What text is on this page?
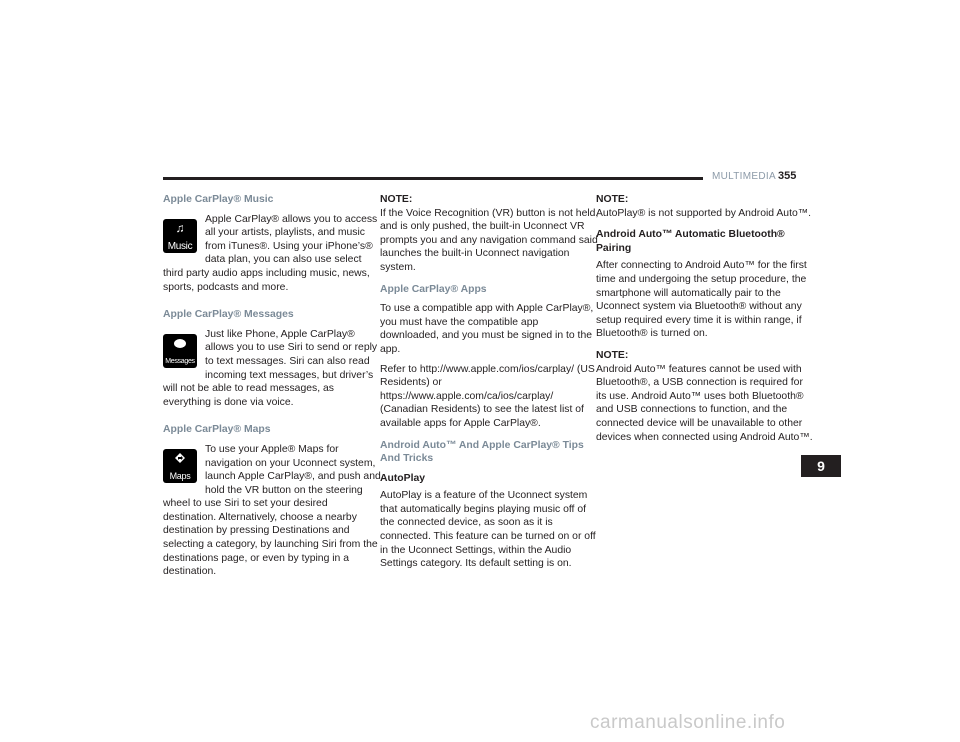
MULTIMEDIA 355
Apple CarPlay® Music
♫
Music

Apple CarPlay® allows you to access all your artists, playlists, and music from iTunes®. Using your iPhone’s® data plan, you can also use select third party audio apps including music, news, sports, podcasts and more.

Apple CarPlay® Messages
Messages

Just like Phone, Apple CarPlay® allows you to use Siri to send or reply to text messages. Siri can also read incoming text messages, but driver’s will not be able to read messages, as everything is done via voice.

Apple CarPlay® Maps
Maps

To use your Apple® Maps for navigation on your Uconnect system, launch Apple CarPlay®, and push and hold the VR button on the steering wheel to use Siri to set your desired destination. Alternatively, choose a nearby destination by pressing Destinations and selecting a category, by launching Siri from the destinations page, or even by typing in a destination.

NOTE:

If the Voice Recognition (VR) button is not held, and is only pushed, the built-in Uconnect VR prompts you and any navigation command said launches the built-in Uconnect navigation system.

Apple CarPlay® Apps

To use a compatible app with Apple CarPlay®, you must have the compatible app downloaded, and you must be signed in to the app.

Refer to http://www.apple.com/ios/carplay/ (US Residents) or https://www.apple.com/ca/ios/carplay/ (Canadian Residents) to see the latest list of available apps for Apple CarPlay®.

Android Auto™ And Apple CarPlay® Tips And Tricks
AutoPlay

AutoPlay is a feature of the Uconnect system that automatically begins playing music off of the connected device, as soon as it is connected. This feature can be turned on or off in the Uconnect Settings, within the Audio Settings category. Its default setting is on.

NOTE:

AutoPlay® is not supported by Android Auto™.

Android Auto™ Automatic Bluetooth® Pairing

After connecting to Android Auto™ for the first time and undergoing the setup procedure, the smartphone will automatically pair to the Uconnect system via Bluetooth® without any setup required every time it is within range, if Bluetooth® is turned on.

NOTE:

Android Auto™ features cannot be used with Bluetooth®, a USB connection is required for its use. Android Auto™ uses both Bluetooth® and USB connections to function, and the connected device will be unavailable to other devices when connected using Android Auto™.

9
carmanualsonline.info
